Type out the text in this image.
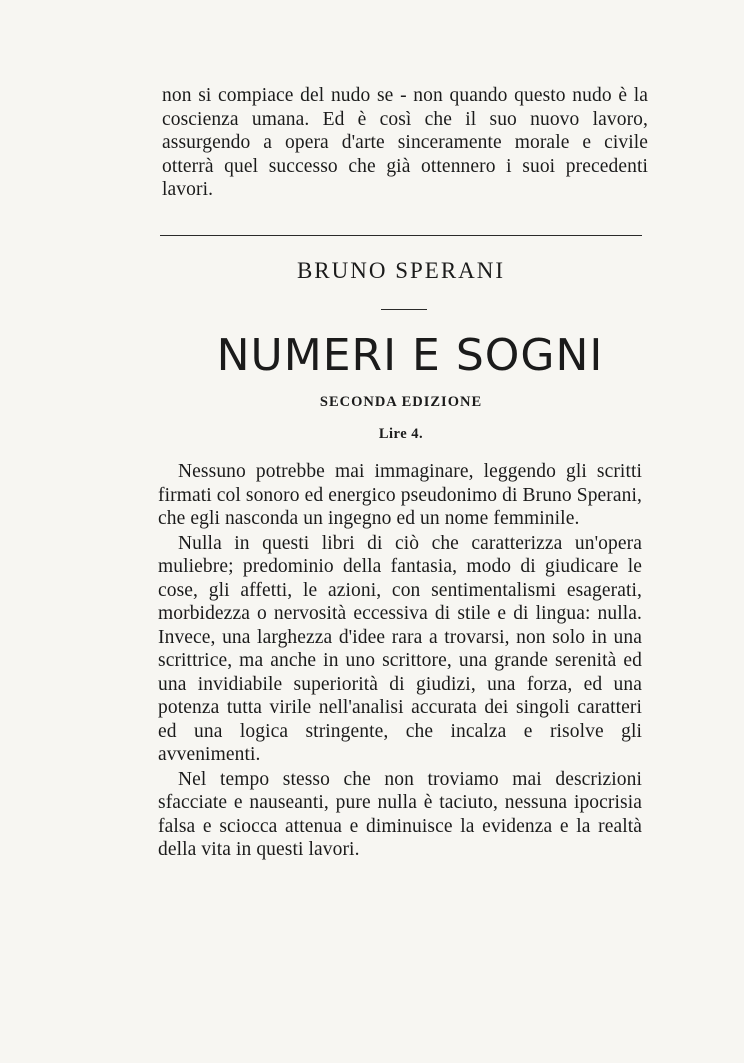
non si compiace del nudo se - non quando questo nudo è la coscienza umana. Ed è così che il suo nuovo lavoro, assurgendo a opera d'arte sinceramente morale e civile otterrà quel successo che già ottennero i suoi precedenti lavori.

BRUNO SPERANI
NUMERI E SOGNI
SECONDA EDIZIONE
Lire 4.

Nessuno potrebbe mai immaginare, leggendo gli scritti firmati col sonoro ed energico pseudonimo di Bruno Sperani, che egli nasconda un ingegno ed un nome femminile.

Nulla in questi libri di ciò che caratterizza un'opera muliebre; predominio della fantasia, modo di giudicare le cose, gli affetti, le azioni, con sentimentalismi esagerati, morbidezza o nervosità eccessiva di stile e di lingua: nulla. Invece, una larghezza d'idee rara a trovarsi, non solo in una scrittrice, ma anche in uno scrittore, una grande serenità ed una invidiabile superiorità di giudizi, una forza, ed una potenza tutta virile nell'analisi accurata dei singoli caratteri ed una logica stringente, che incalza e risolve gli avvenimenti.

Nel tempo stesso che non troviamo mai descrizioni sfacciate e nauseanti, pure nulla è taciuto, nessuna ipocrisia falsa e sciocca attenua e diminuisce la evidenza e la realtà della vita in questi lavori.
